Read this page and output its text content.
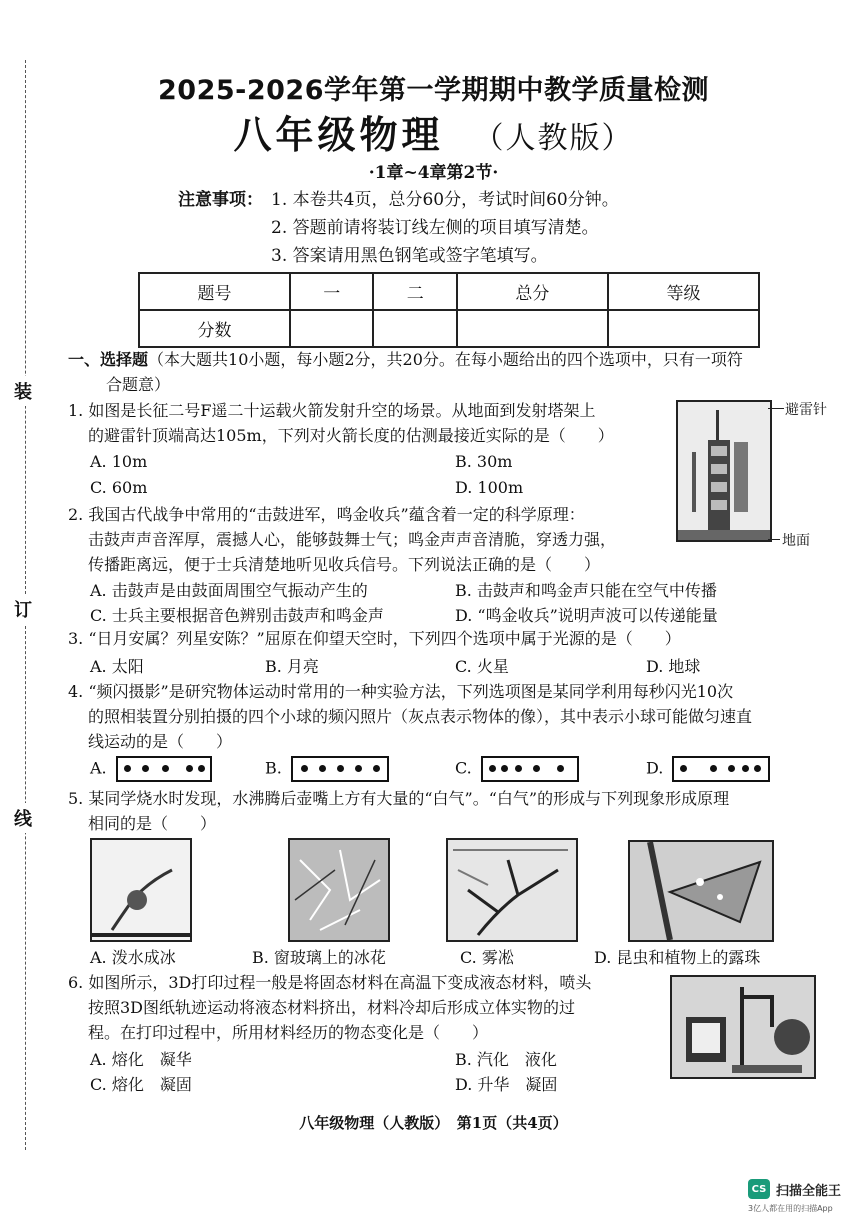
装
订
线
2025-2026学年第一学期期中教学质量检测
八年级物理 （人教版）
·1章~4章第2节·
注意事项： 1. 本卷共4页，总分60分，考试时间60分钟。
2. 答题前请将装订线左侧的项目填写清楚。
3. 答案请用黑色钢笔或签字笔填写。
题号	一	二	总分	等级
分数				
一、选择题（本大题共10小题，每小题2分，共20分。在每小题给出的四个选项中，只有一项符
合题意）
1. 如图是长征二号F遥二十运载火箭发射升空的场景。从地面到发射塔架上
的避雷针顶端高达105m，下列对火箭长度的估测最接近实际的是（　　）
A. 10m	B. 30m
C. 60m	D. 100m
避雷针
地面
2. 我国古代战争中常用的“击鼓进军，鸣金收兵”蕴含着一定的科学原理：
击鼓声声音浑厚，震撼人心，能够鼓舞士气；鸣金声声音清脆，穿透力强，
传播距离远，便于士兵清楚地听见收兵信号。下列说法正确的是（　　）
A. 击鼓声是由鼓面周围空气振动产生的	B. 击鼓声和鸣金声只能在空气中传播
C. 士兵主要根据音色辨别击鼓声和鸣金声	D. “鸣金收兵”说明声波可以传递能量
3. “日月安属？列星安陈？”屈原在仰望天空时，下列四个选项中属于光源的是（　　）
A. 太阳	B. 月亮	C. 火星	D. 地球
4. “频闪摄影”是研究物体运动时常用的一种实验方法，下列选项图是某同学利用每秒闪光10次
的照相装置分别拍摄的四个小球的频闪照片（灰点表示物体的像），其中表示小球可能做匀速直
线运动的是（　　）
A.	B.	C.	D.
5. 某同学烧水时发现，水沸腾后壶嘴上方有大量的“白气”。“白气”的形成与下列现象形成原理
相同的是（　　）
A. 泼水成冰	B. 窗玻璃上的冰花	C. 雾凇	D. 昆虫和植物上的露珠
6. 如图所示，3D打印过程一般是将固态材料在高温下变成液态材料，喷头
按照3D图纸轨迹运动将液态材料挤出，材料冷却后形成立体实物的过
程。在打印过程中，所用材料经历的物态变化是（　　）
A. 熔化　凝华	B. 汽化　液化
C. 熔化　凝固	D. 升华　凝固
八年级物理（人教版）　第1页（共4页）
CS 扫描全能王
3亿人都在用的扫描App
